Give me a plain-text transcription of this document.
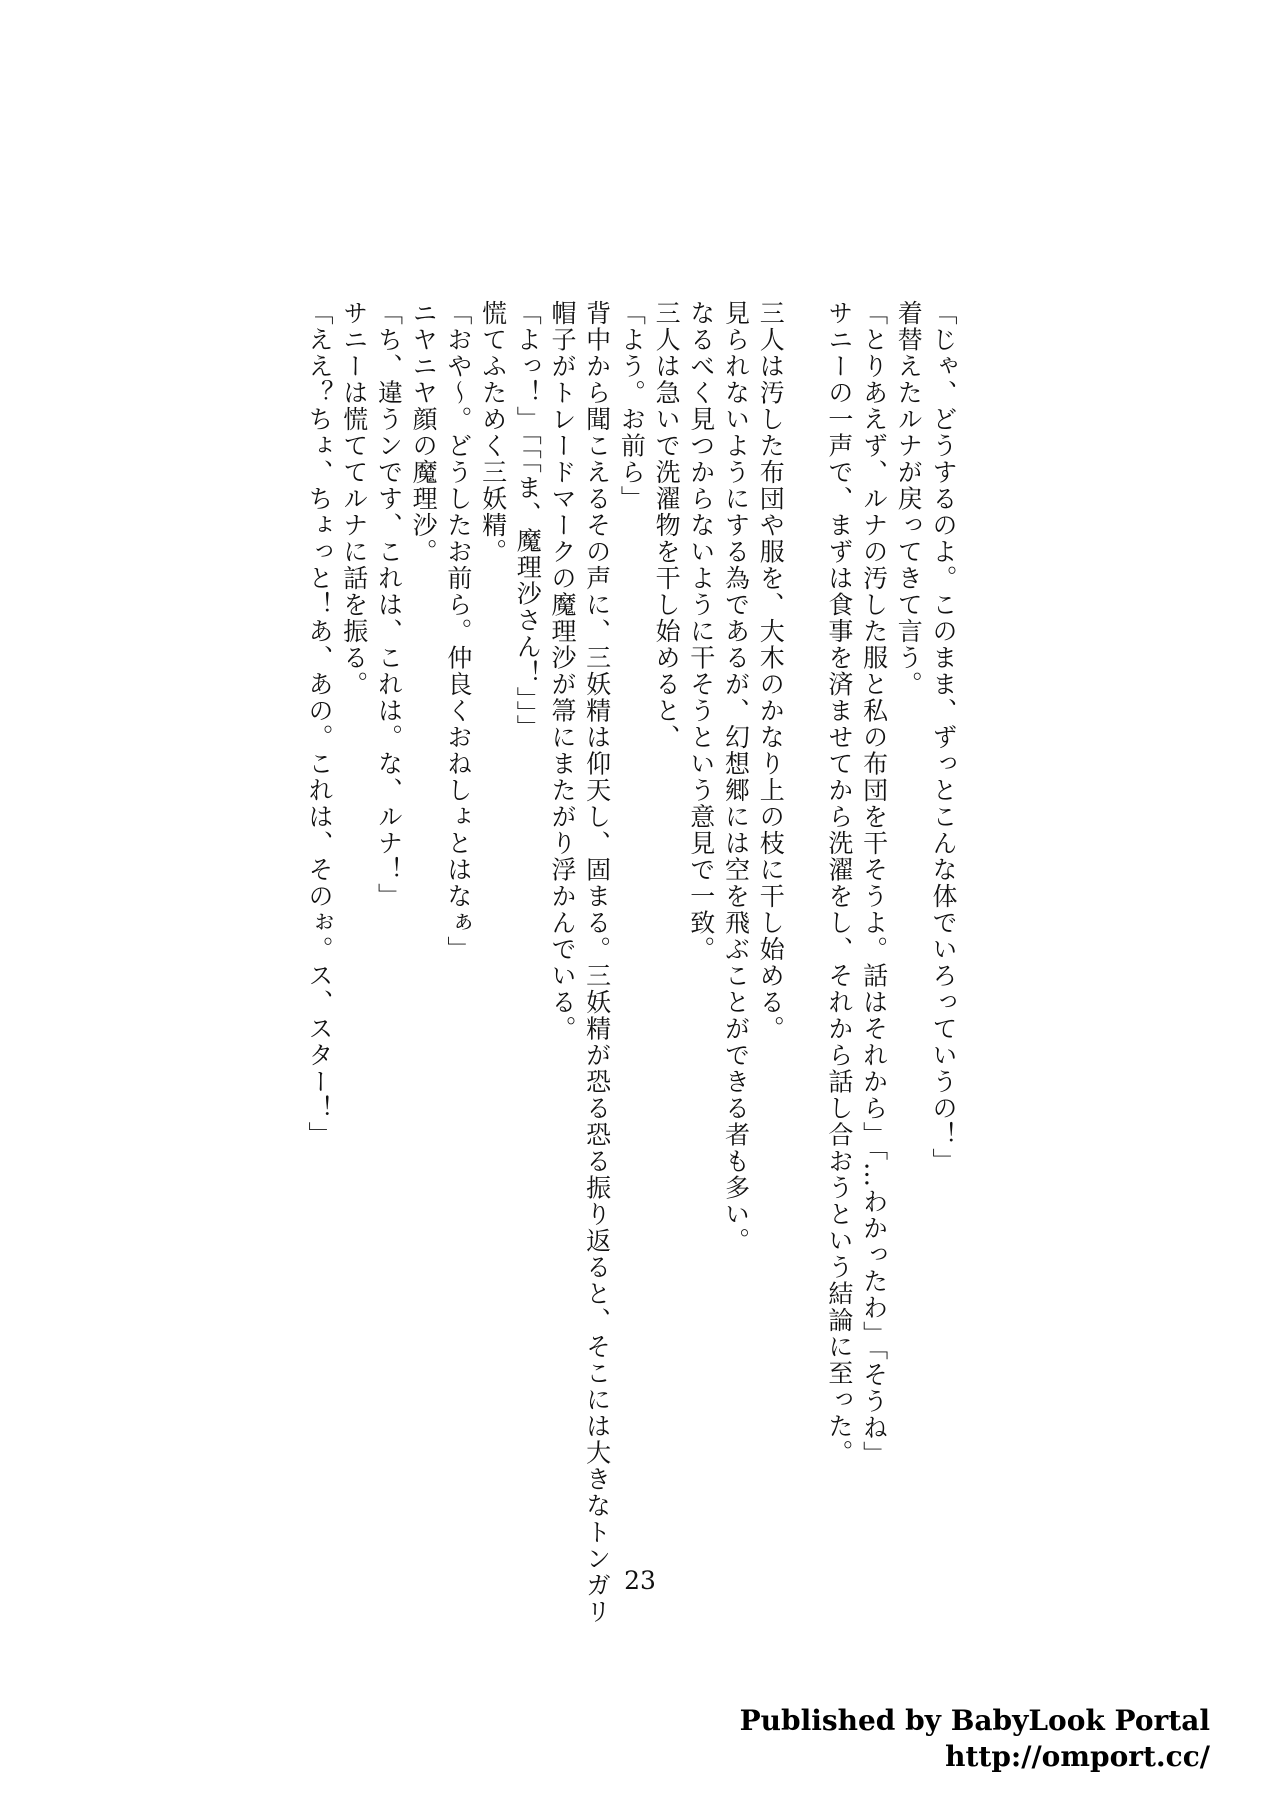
「じゃ、どうするのよ。このまま、ずっとこんな体でいろっていうの！」
着替えたルナが戻ってきて言う。
「とりあえず、ルナの汚した服と私の布団を干そうよ。話はそれから」「…わかったわ」「そうね」
サニーの一声で、まずは食事を済ませてから洗濯をし、それから話し合おうという結論に至った。
三人は汚した布団や服を、大木のかなり上の枝に干し始める。
見られないようにする為であるが、幻想郷には空を飛ぶことができる者も多い。
なるべく見つからないように干そうという意見で一致。
三人は急いで洗濯物を干し始めると、
「よう。お前ら」
背中から聞こえるその声に、三妖精は仰天し、固まる。三妖精が恐る恐る振り返ると、そこには大きなトンガリ
帽子がトレードマークの魔理沙が箒にまたがり浮かんでいる。
「よっ！」「「「ま、魔理沙さん！」」」
慌てふためく三妖精。
「おや～。どうしたお前ら。仲良くおねしょとはなぁ」
ニヤニヤ顔の魔理沙。
「ち、違うンです、これは、これは。な、ルナ！」
サニーは慌ててルナに話を振る。
「ええ？ちょ、ちょっと！あ、あの。これは、そのぉ。ス、スター！」
23
Published by BabyLook Portal
http://omport.cc/
